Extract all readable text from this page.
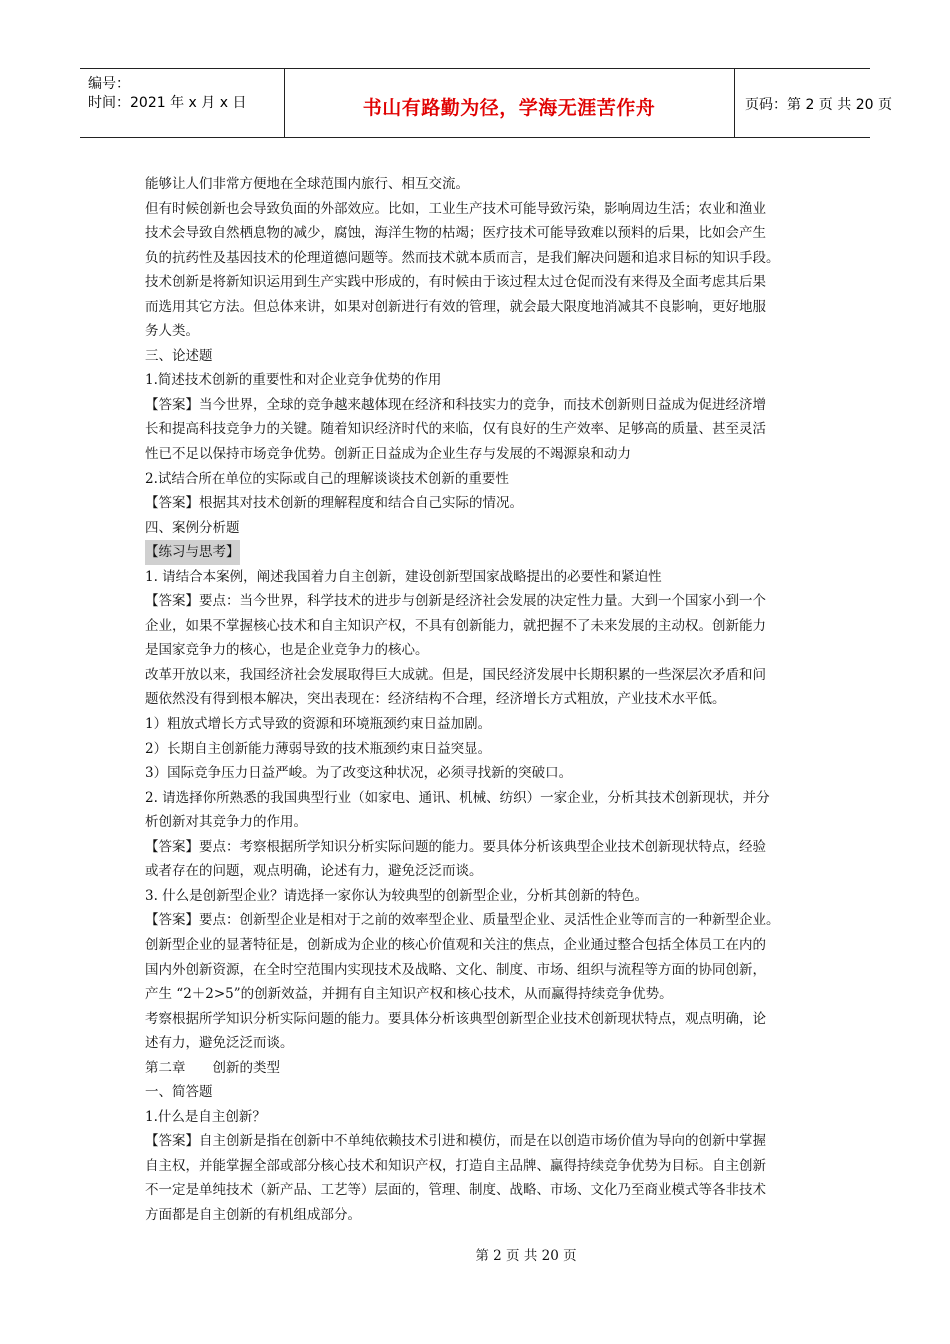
编号：
时间：2021 年 x 月 x 日	书山有路勤为径，学海无涯苦作舟	页码：第 2 页 共 20 页
能够让人们非常方便地在全球范围内旅行、相互交流。
但有时候创新也会导致负面的外部效应。比如，工业生产技术可能导致污染，影响周边生活；农业和渔业
技术会导致自然栖息物的减少，腐蚀，海洋生物的枯竭；医疗技术可能导致难以预料的后果，比如会产生
负的抗药性及基因技术的伦理道德问题等。然而技术就本质而言，是我们解决问题和追求目标的知识手段。
技术创新是将新知识运用到生产实践中形成的，有时候由于该过程太过仓促而没有来得及全面考虑其后果
而选用其它方法。但总体来讲，如果对创新进行有效的管理，就会最大限度地消减其不良影响，更好地服
务人类。
三、论述题
1.简述技术创新的重要性和对企业竞争优势的作用
【答案】当今世界，全球的竞争越来越体现在经济和科技实力的竞争，而技术创新则日益成为促进经济增
长和提高科技竞争力的关键。随着知识经济时代的来临，仅有良好的生产效率、足够高的质量、甚至灵活
性已不足以保持市场竞争优势。创新正日益成为企业生存与发展的不竭源泉和动力
2.试结合所在单位的实际或自己的理解谈谈技术创新的重要性
【答案】根据其对技术创新的理解程度和结合自己实际的情况。
四、案例分析题
【练习与思考】
1. 请结合本案例，阐述我国着力自主创新，建设创新型国家战略提出的必要性和紧迫性
【答案】要点：当今世界，科学技术的进步与创新是经济社会发展的决定性力量。大到一个国家小到一个
企业，如果不掌握核心技术和自主知识产权，不具有创新能力，就把握不了未来发展的主动权。创新能力
是国家竞争力的核心，也是企业竞争力的核心。
改革开放以来，我国经济社会发展取得巨大成就。但是，国民经济发展中长期积累的一些深层次矛盾和问
题依然没有得到根本解决，突出表现在：经济结构不合理，经济增长方式粗放，产业技术水平低。
1）粗放式增长方式导致的资源和环境瓶颈约束日益加剧。
2）长期自主创新能力薄弱导致的技术瓶颈约束日益突显。
3）国际竞争压力日益严峻。为了改变这种状况，必须寻找新的突破口。
2. 请选择你所熟悉的我国典型行业（如家电、通讯、机械、纺织）一家企业，分析其技术创新现状，并分
析创新对其竞争力的作用。
【答案】要点：考察根据所学知识分析实际问题的能力。要具体分析该典型企业技术创新现状特点，经验
或者存在的问题，观点明确，论述有力，避免泛泛而谈。
3. 什么是创新型企业？请选择一家你认为较典型的创新型企业，分析其创新的特色。
【答案】要点：创新型企业是相对于之前的效率型企业、质量型企业、灵活性企业等而言的一种新型企业。
创新型企业的显著特征是，创新成为企业的核心价值观和关注的焦点，企业通过整合包括全体员工在内的
国内外创新资源，在全时空范围内实现技术及战略、文化、制度、市场、组织与流程等方面的协同创新，
产生 “2＋2>5”的创新效益，并拥有自主知识产权和核心技术，从而赢得持续竞争优势。
考察根据所学知识分析实际问题的能力。要具体分析该典型创新型企业技术创新现状特点，观点明确，论
述有力，避免泛泛而谈。
第二章　　创新的类型
一、简答题
1.什么是自主创新？
【答案】自主创新是指在创新中不单纯依赖技术引进和模仿，而是在以创造市场价值为导向的创新中掌握
自主权，并能掌握全部或部分核心技术和知识产权，打造自主品牌、赢得持续竞争优势为目标。自主创新
不一定是单纯技术（新产品、工艺等）层面的，管理、制度、战略、市场、文化乃至商业模式等各非技术
方面都是自主创新的有机组成部分。
第 2 页 共 20 页
